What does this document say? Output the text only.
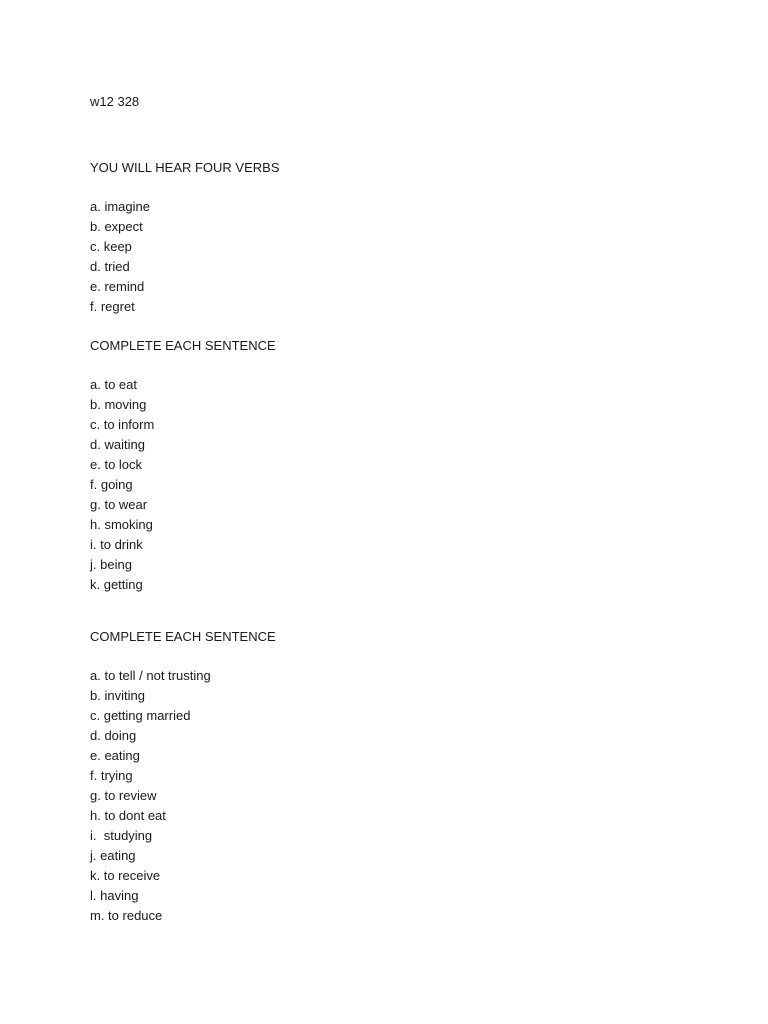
w12 328
YOU WILL HEAR FOUR VERBS
a. imagine
b. expect
c. keep
d. tried
e. remind
f. regret
COMPLETE EACH SENTENCE
a. to eat
b. moving
c. to inform
d. waiting
e. to lock
f. going
g. to wear
h. smoking
i. to drink
j. being
k. getting
COMPLETE EACH SENTENCE
a. to tell / not trusting
b. inviting
c. getting married
d. doing
e. eating
f. trying
g. to review
h. to dont eat
i.  studying
j. eating
k. to receive
l. having
m. to reduce
